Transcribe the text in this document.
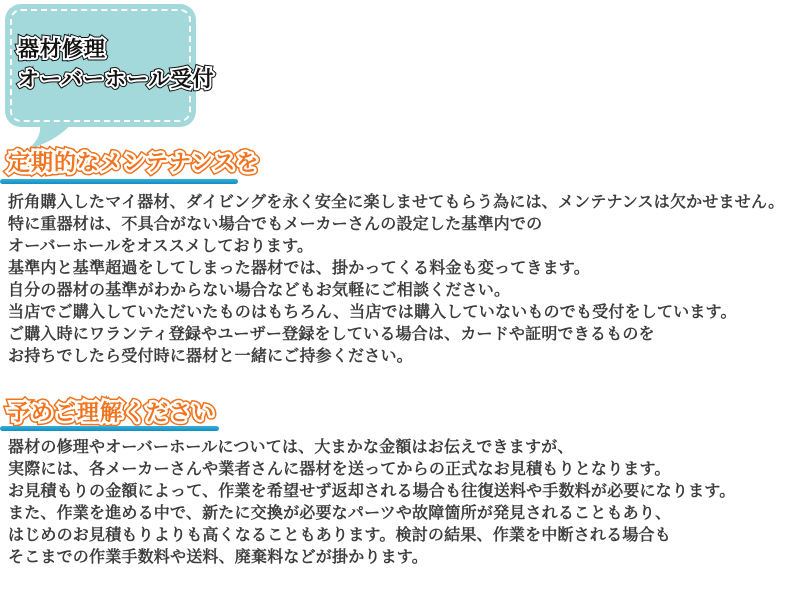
器材修理 器材修理 オーバーホール受付 オーバーホール受付
定期的なメンテナンスを 定期的なメンテナンスを
折角購入したマイ器材、ダイビングを永く安全に楽しませてもらう為には、メンテナンスは欠かせません。
特に重器材は、不具合がない場合でもメーカーさんの設定した基準内での
オーバーホールをオススメしております。
基準内と基準超過をしてしまった器材では、掛かってくる料金も変ってきます。
自分の器材の基準がわからない場合などもお気軽にご相談ください。
当店でご購入していただいたものはもちろん、当店では購入していないものでも受付をしています。
ご購入時にワランティ登録やユーザー登録をしている場合は、カードや証明できるものを
お持ちでしたら受付時に器材と一緒にご持参ください。
予めご理解ください 予めご理解ください
器材の修理やオーバーホールについては、大まかな金額はお伝えできますが、
実際には、各メーカーさんや業者さんに器材を送ってからの正式なお見積もりとなります。
お見積もりの金額によって、作業を希望せず返却される場合も往復送料や手数料が必要になります。
また、作業を進める中で、新たに交換が必要なパーツや故障箇所が発見されることもあり、
はじめのお見積もりよりも高くなることもあります。検討の結果、作業を中断される場合も
そこまでの作業手数料や送料、廃棄料などが掛かります。
